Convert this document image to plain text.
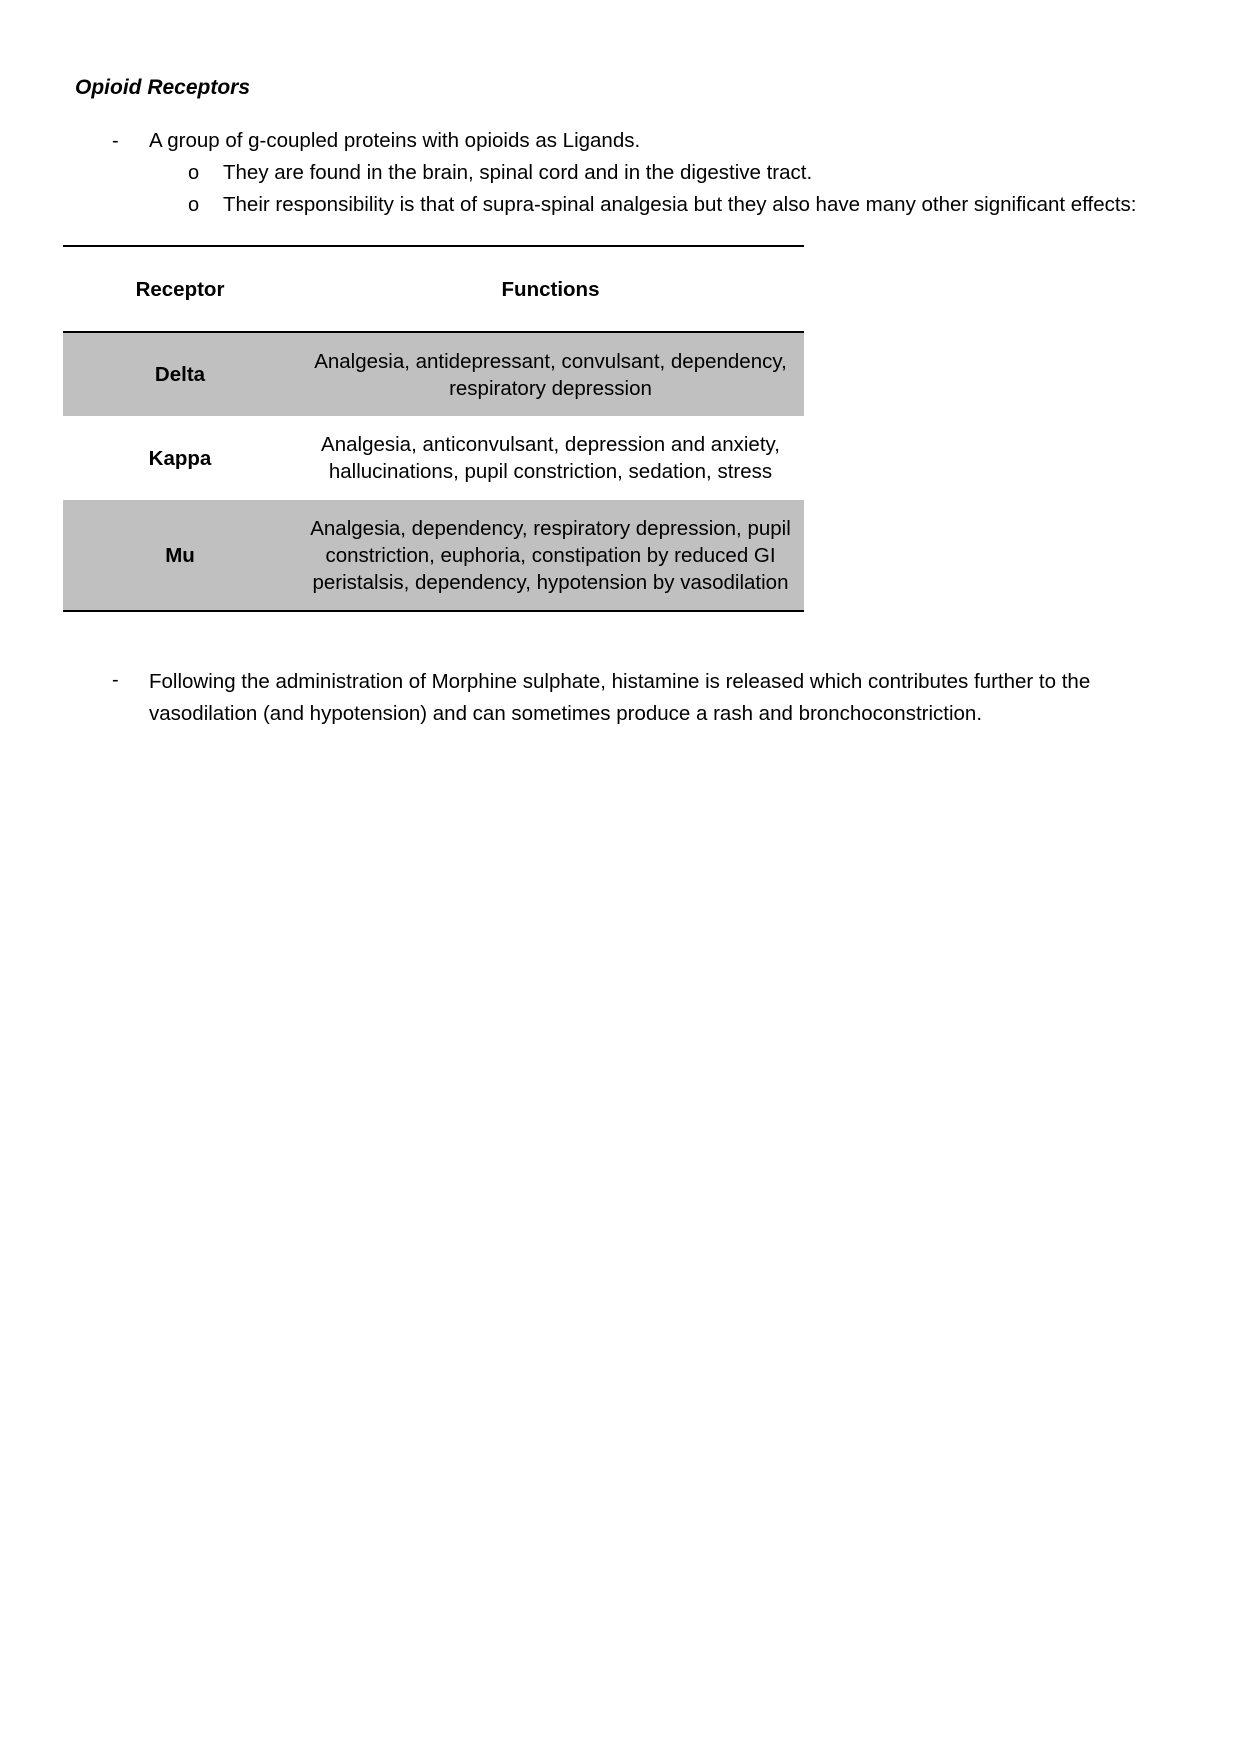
Opioid Receptors
- A group of g-coupled proteins with opioids as Ligands.
o They are found in the brain, spinal cord and in the digestive tract.
o Their responsibility is that of supra-spinal analgesia but they also have many other significant effects:
Receptor	Functions
Delta	Analgesia, antidepressant, convulsant, dependency, respiratory depression
Kappa	Analgesia, anticonvulsant, depression and anxiety, hallucinations, pupil constriction, sedation, stress
Mu	Analgesia, dependency, respiratory depression, pupil constriction, euphoria, constipation by reduced GI peristalsis, dependency, hypotension by vasodilation
- Following the administration of Morphine sulphate, histamine is released which contributes further to the vasodilation (and hypotension) and can sometimes produce a rash and bronchoconstriction.
